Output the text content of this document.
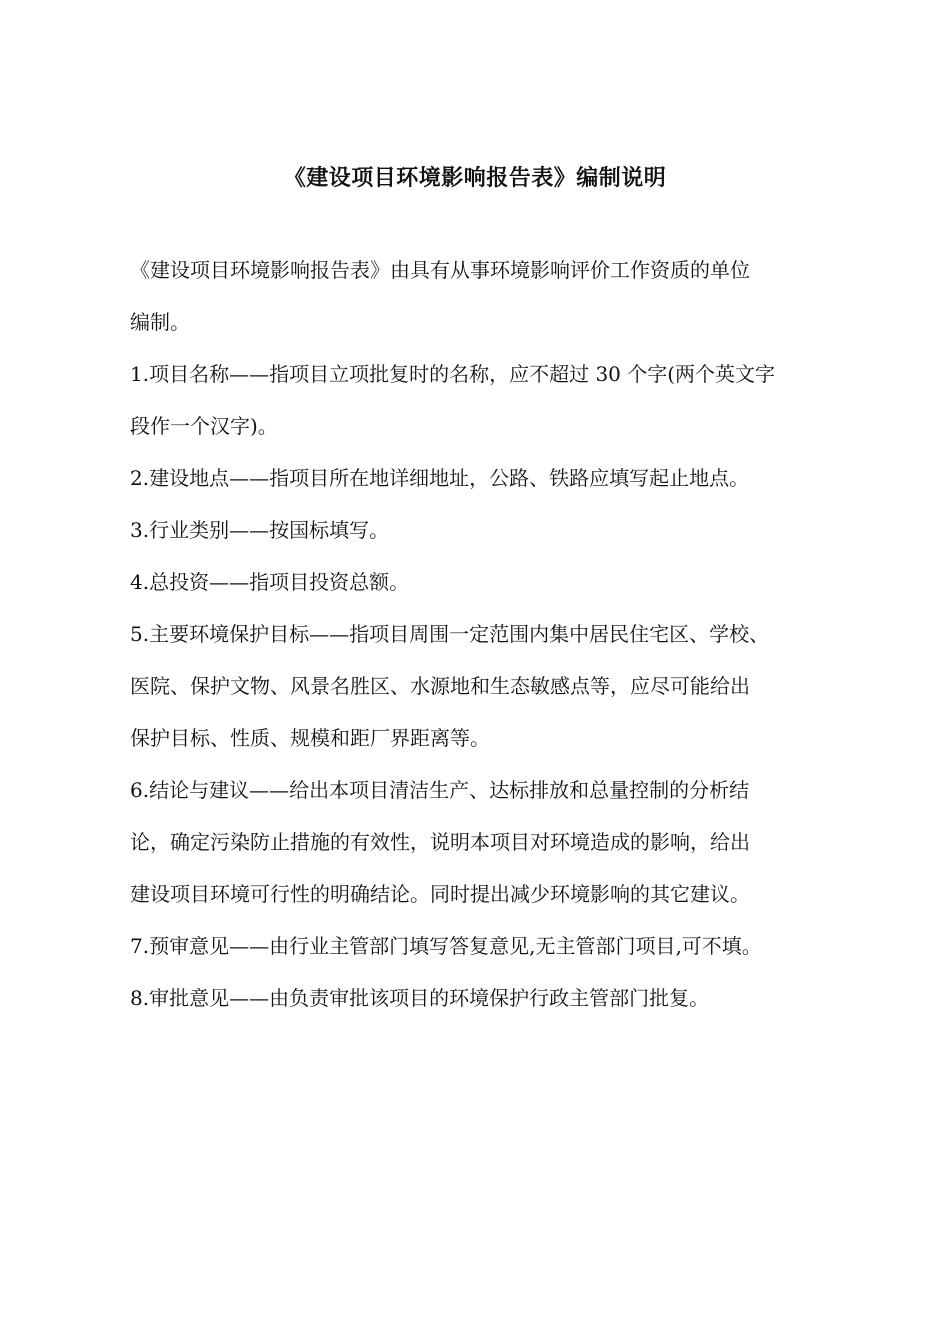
《建设项目环境影响报告表》编制说明

《建设项目环境影响报告表》由具有从事环境影响评价工作资质的单位
编制。

1.项目名称——指项目立项批复时的名称，应不超过 30 个字(两个英文字
段作一个汉字)。

2.建设地点——指项目所在地详细地址，公路、铁路应填写起止地点。

3.行业类别——按国标填写。

4.总投资——指项目投资总额。

5.主要环境保护目标——指项目周围一定范围内集中居民住宅区、学校、
医院、保护文物、风景名胜区、水源地和生态敏感点等，应尽可能给出
保护目标、性质、规模和距厂界距离等。

6.结论与建议——给出本项目清洁生产、达标排放和总量控制的分析结
论，确定污染防止措施的有效性，说明本项目对环境造成的影响，给出
建设项目环境可行性的明确结论。同时提出减少环境影响的其它建议。

7.预审意见——由行业主管部门填写答复意见,无主管部门项目,可不填。

8.审批意见——由负责审批该项目的环境保护行政主管部门批复。
